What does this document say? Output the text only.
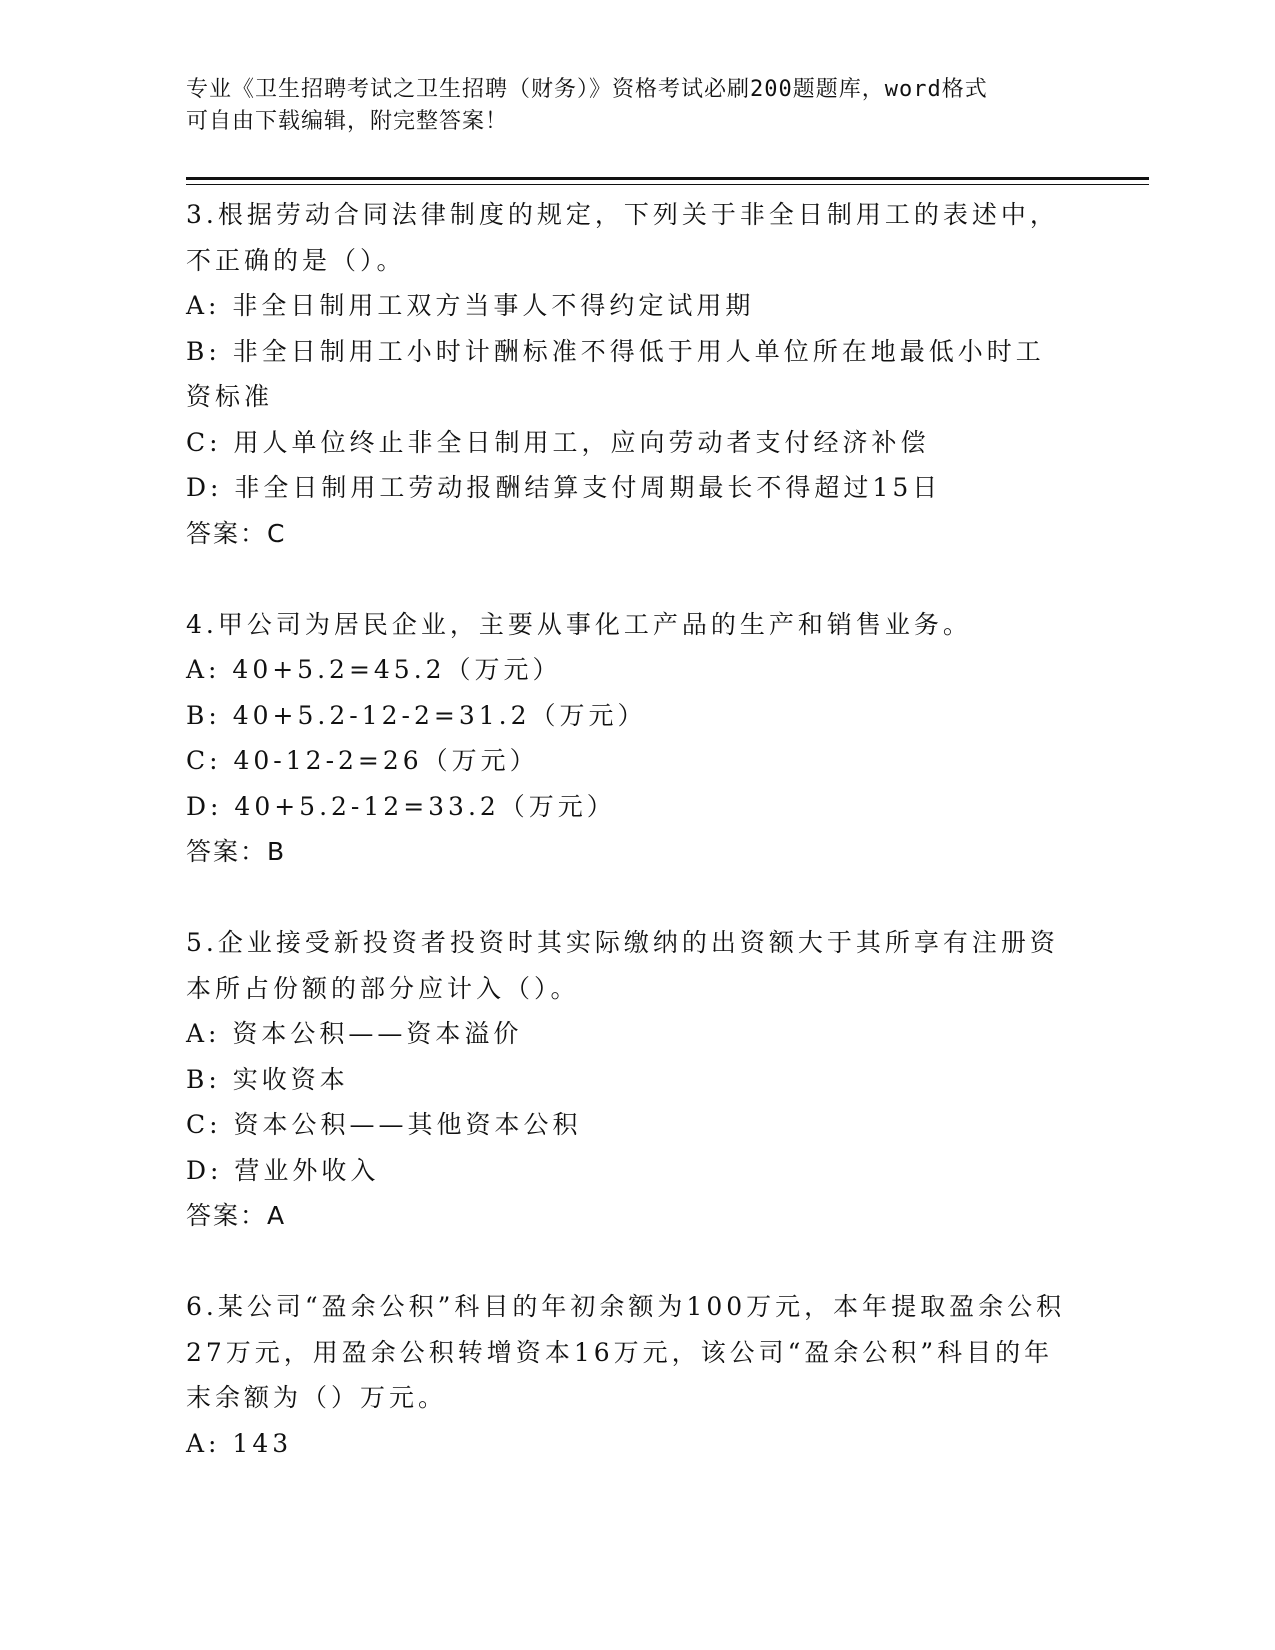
专业《卫生招聘考试之卫生招聘（财务）》资格考试必刷200题题库，word格式
可自由下载编辑，附完整答案！

3.根据劳动合同法律制度的规定，下列关于非全日制用工的表述中，不正确的是（）。

A: 非全日制用工双方当事人不得约定试用期

B: 非全日制用工小时计酬标准不得低于用人单位所在地最低小时工资标准

C: 用人单位终止非全日制用工，应向劳动者支付经济补偿

D: 非全日制用工劳动报酬结算支付周期最长不得超过15日

答案：C

4.甲公司为居民企业，主要从事化工产品的生产和销售业务。

A: 40+5.2=45.2（万元）

B: 40+5.2-12-2=31.2（万元）

C: 40-12-2=26（万元）

D: 40+5.2-12=33.2（万元）

答案：B

5.企业接受新投资者投资时其实际缴纳的出资额大于其所享有注册资本所占份额的部分应计入（）。

A: 资本公积——资本溢价

B: 实收资本

C: 资本公积——其他资本公积

D: 营业外收入

答案：A

6.某公司“盈余公积”科目的年初余额为100万元，本年提取盈余公积27万元，用盈余公积转增资本16万元，该公司“盈余公积”科目的年末余额为（）万元。

A: 143
